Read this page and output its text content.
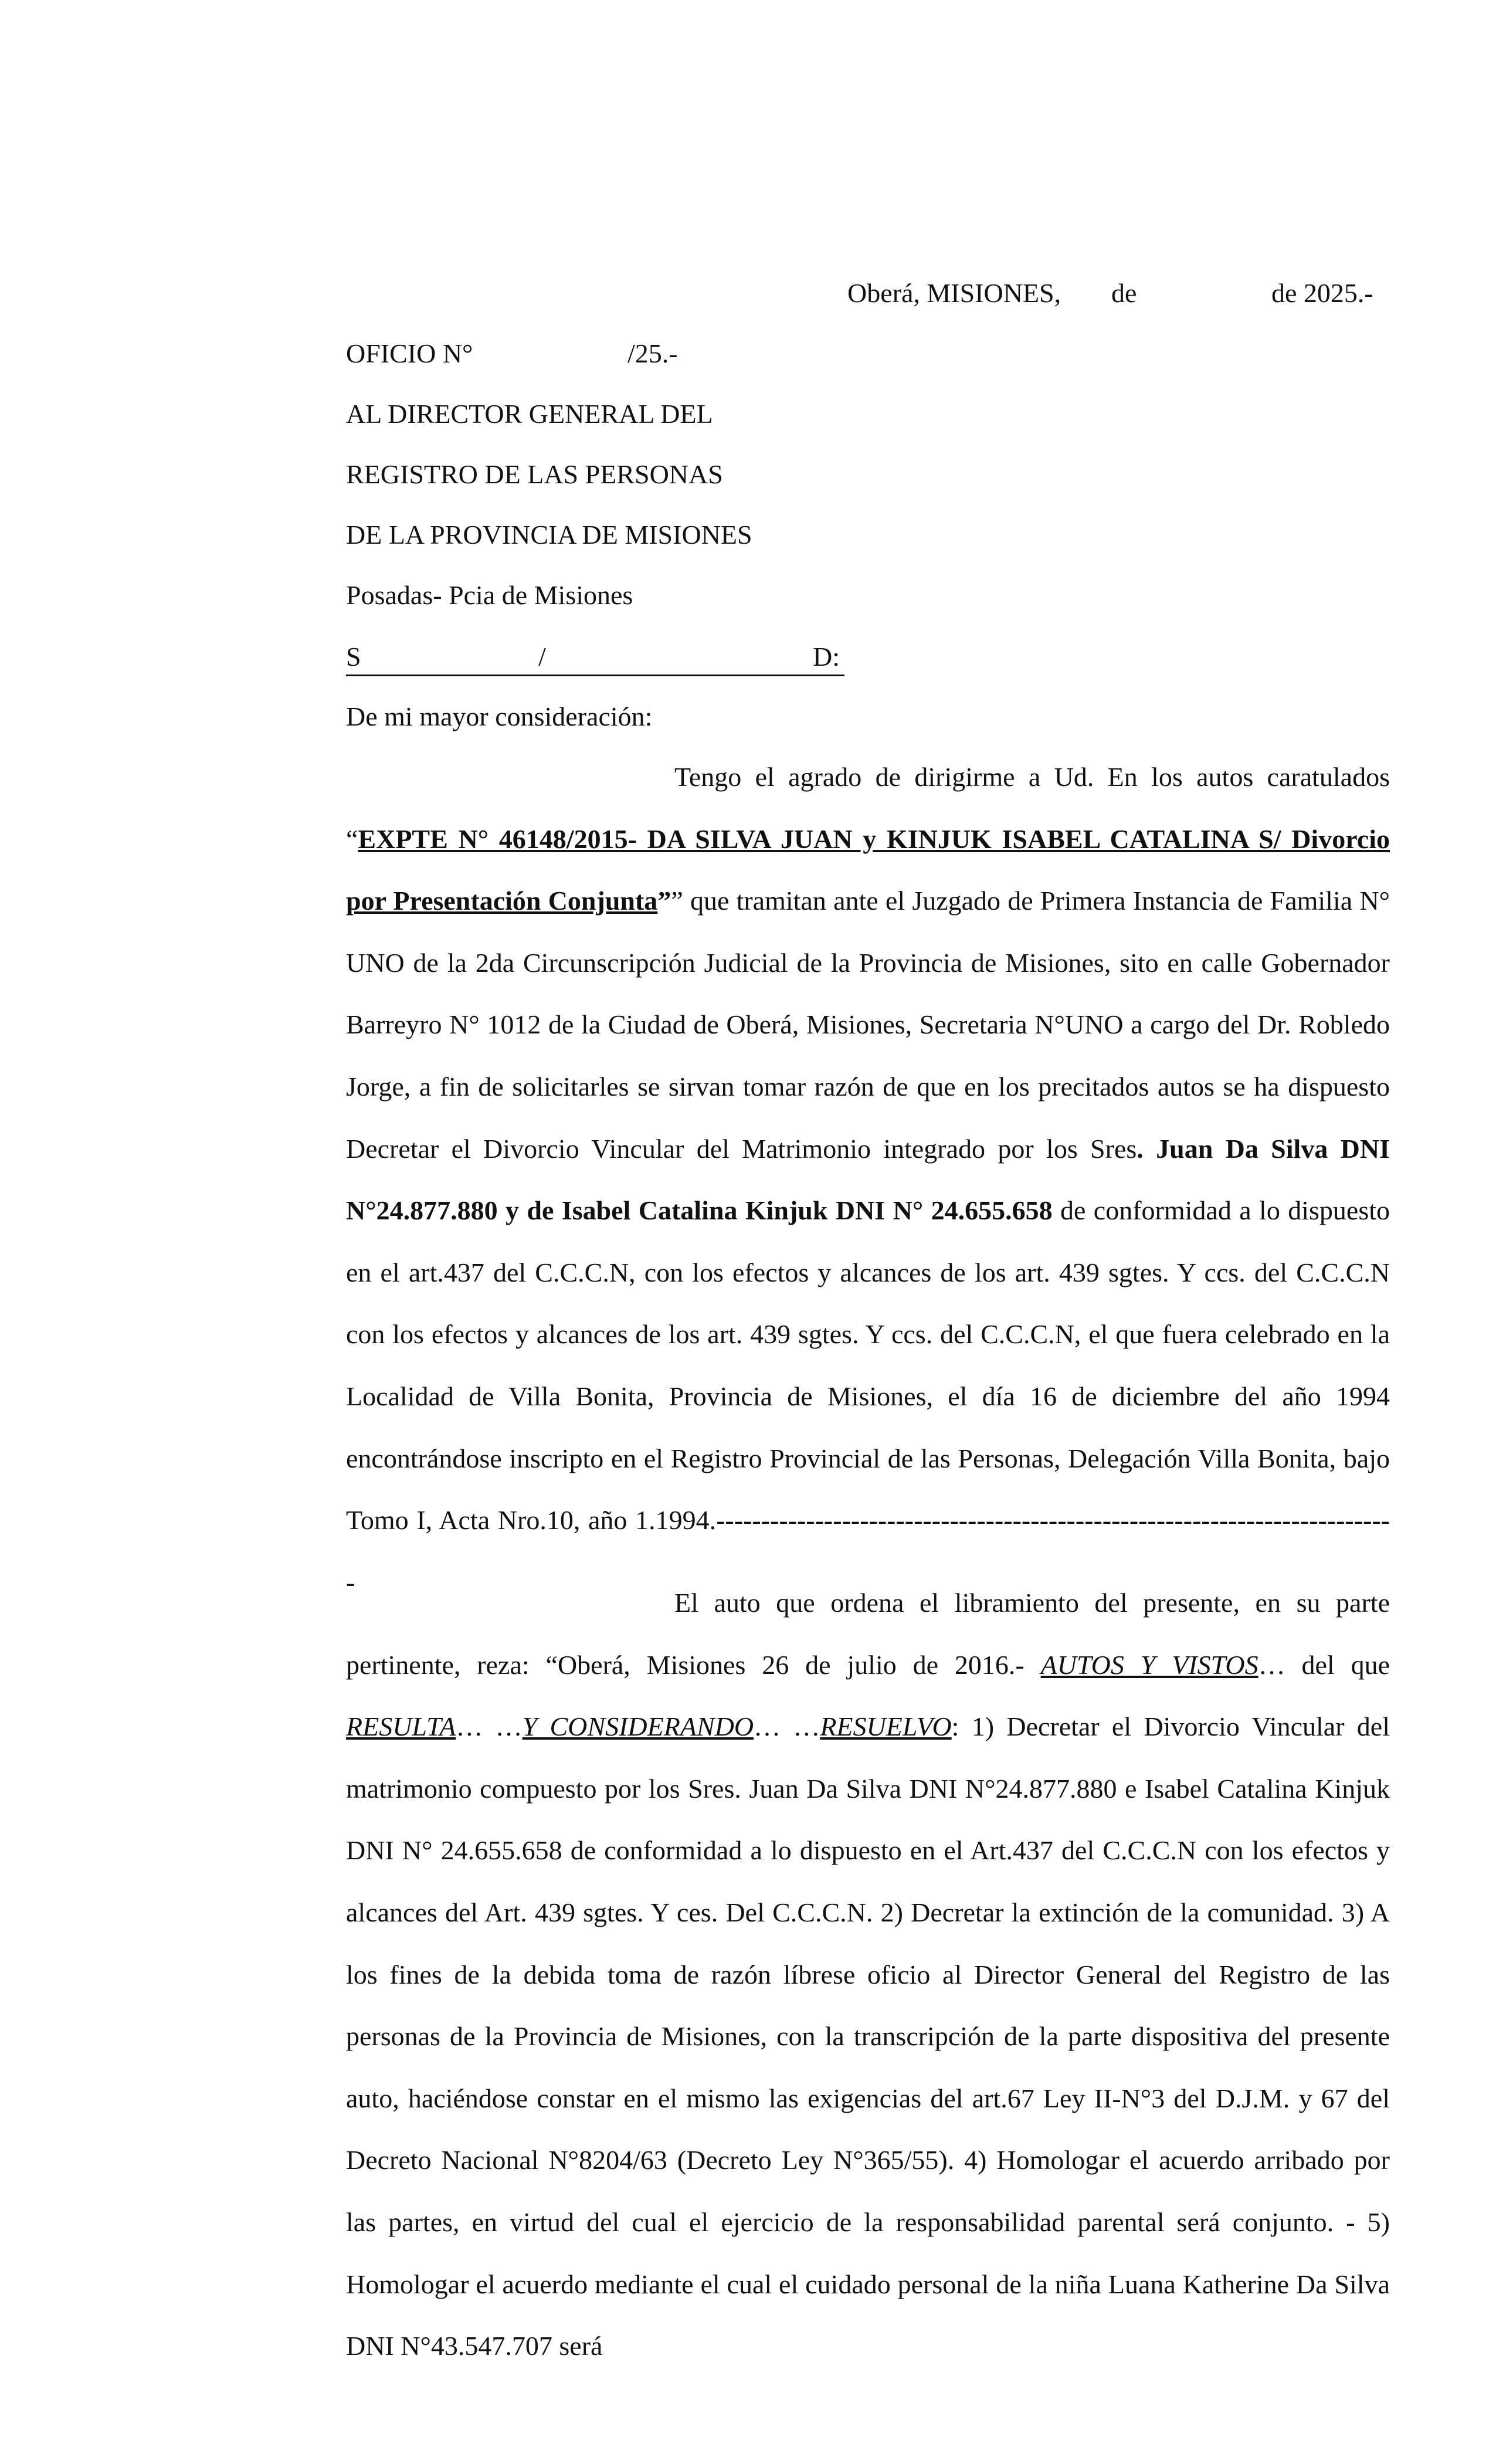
Oberá, MISIONES, de	de 2025.-
OFICIO N°	/25.-
AL DIRECTOR GENERAL DEL
REGISTRO DE LAS PERSONAS
DE LA PROVINCIA DE MISIONES
Posadas- Pcia de Misiones
S	/	D:
De mi mayor consideración:
Tengo el agrado de dirigirme a Ud. En los autos caratulados “EXPTE N° 46148/2015- DA SILVA JUAN y KINJUK ISABEL CATALINA S/ Divorcio por Presentación Conjunta”” que tramitan ante el Juzgado de Primera Instancia de Familia N° UNO de la 2da Circunscripción Judicial de la Provincia de Misiones, sito en calle Gobernador Barreyro N° 1012 de la Ciudad de Oberá, Misiones, Secretaria N°UNO a cargo del Dr. Robledo Jorge, a fin de solicitarles se sirvan tomar razón de que en los precitados autos se ha dispuesto Decretar el Divorcio Vincular del Matrimonio integrado por los Sres. Juan Da Silva DNI N°24.877.880 y de Isabel Catalina Kinjuk DNI N° 24.655.658 de conformidad a lo dispuesto en el art.437 del C.C.C.N, con los efectos y alcances de los art. 439 sgtes. Y ccs. del C.C.C.N con los efectos y alcances de los art. 439 sgtes. Y ccs. del C.C.C.N, el que fuera celebrado en la Localidad de Villa Bonita, Provincia de Misiones, el día 16 de diciembre del año 1994 encontrándose inscripto en el Registro Provincial de las Personas, Delegación Villa Bonita, bajo Tomo I, Acta Nro.10, año 1.1994.----------------------------------------------------------------------------
El auto que ordena el libramiento del presente, en su parte pertinente, reza: “Oberá, Misiones 26 de julio de 2016.- AUTOS Y VISTOS… del que RESULTA… …Y CONSIDERANDO… …RESUELVO: 1) Decretar el Divorcio Vincular del matrimonio compuesto por los Sres. Juan Da Silva DNI N°24.877.880 e Isabel Catalina Kinjuk DNI N° 24.655.658 de conformidad a lo dispuesto en el Art.437 del C.C.C.N con los efectos y alcances del Art. 439 sgtes. Y ces. Del C.C.C.N. 2) Decretar la extinción de la comunidad. 3) A los fines de la debida toma de razón líbrese oficio al Director General del Registro de las personas de la Provincia de Misiones, con la transcripción de la parte dispositiva del presente auto, haciéndose constar en el mismo las exigencias del art.67 Ley II-N°3 del D.J.M. y 67 del Decreto Nacional N°8204/63 (Decreto Ley N°365/55). 4) Homologar el acuerdo arribado por las partes, en virtud del cual el ejercicio de la responsabilidad parental será conjunto. - 5) Homologar el acuerdo mediante el cual el cuidado personal de la niña Luana Katherine Da Silva DNI N°43.547.707 será
